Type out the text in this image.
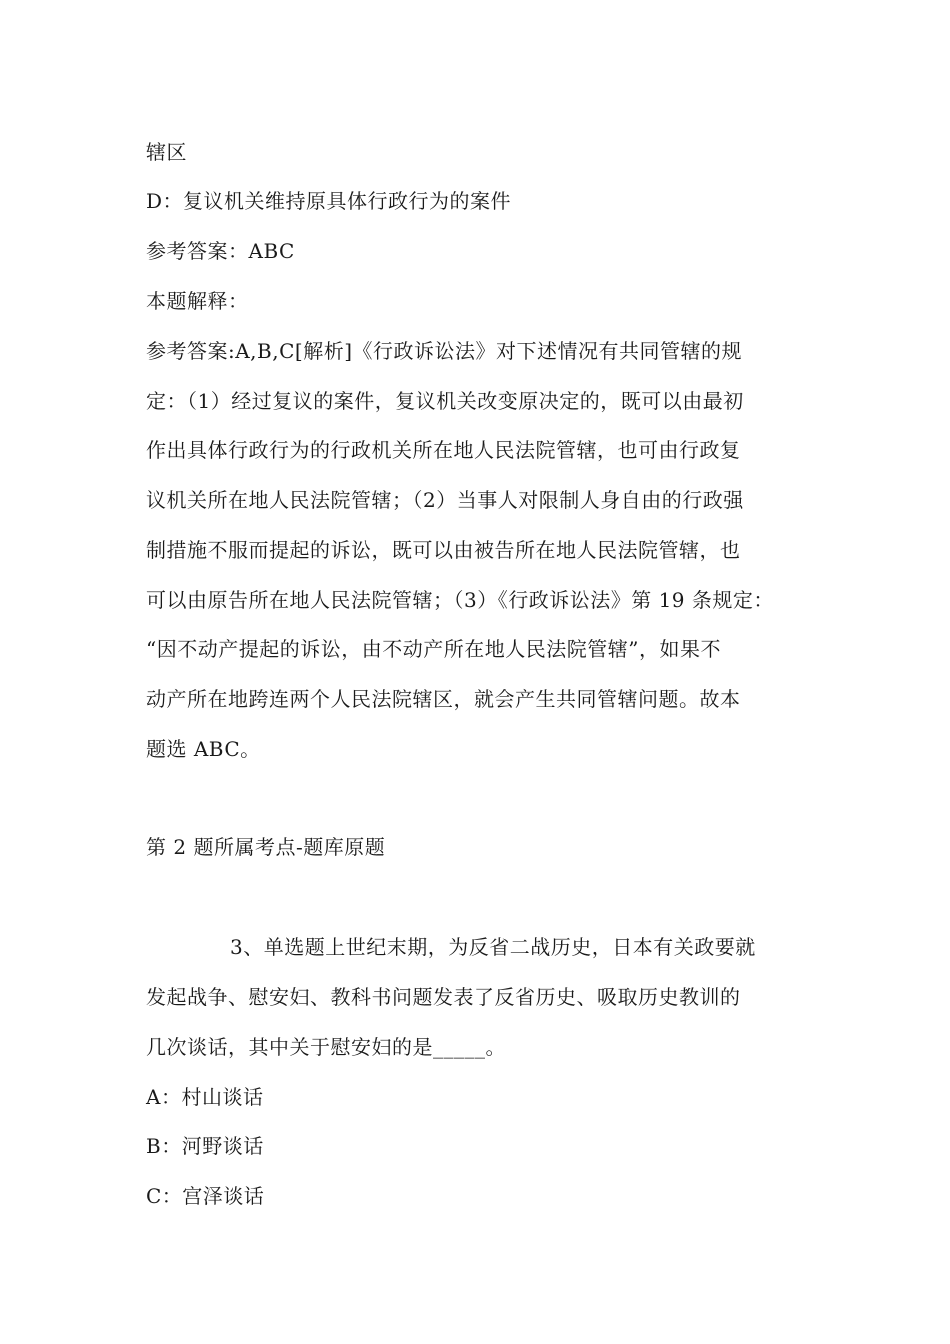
辖区
D：复议机关维持原具体行政行为的案件
参考答案：ABC
本题解释：
参考答案:A,B,C[解析]《行政诉讼法》对下述情况有共同管辖的规
定：（1）经过复议的案件，复议机关改变原决定的，既可以由最初
作出具体行政行为的行政机关所在地人民法院管辖，也可由行政复
议机关所在地人民法院管辖；（2）当事人对限制人身自由的行政强
制措施不服而提起的诉讼，既可以由被告所在地人民法院管辖，也
可以由原告所在地人民法院管辖；（3）《行政诉讼法》第 19 条规定：
“因不动产提起的诉讼，由不动产所在地人民法院管辖”，如果不
动产所在地跨连两个人民法院辖区，就会产生共同管辖问题。故本
题选 ABC。
第 2 题所属考点-题库原题
3、单选题上世纪末期，为反省二战历史，日本有关政要就
发起战争、慰安妇、教科书问题发表了反省历史、吸取历史教训的
几次谈话，其中关于慰安妇的是_____。
A：村山谈话
B：河野谈话
C：宫泽谈话
